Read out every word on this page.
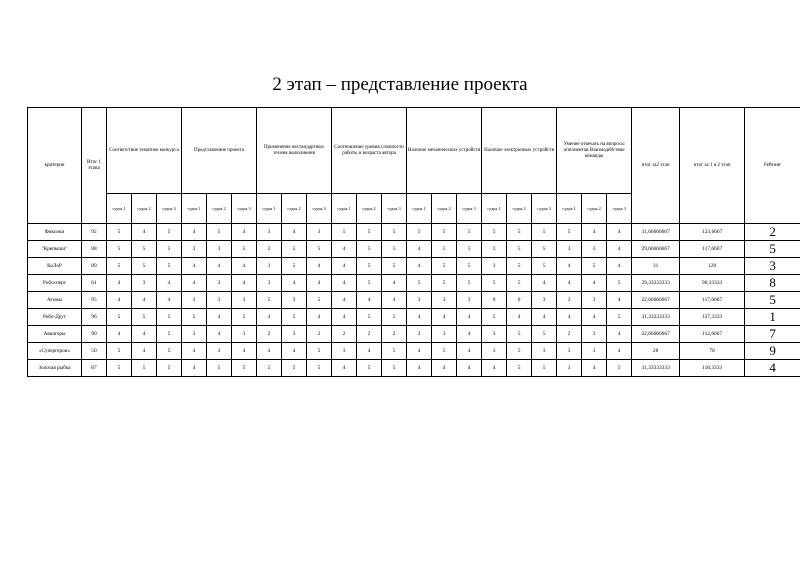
2 этап – представление проекта
критерии	Итог 1 этапа	Соответствие тематике конкурса			Представление проекта			Применение нестандартных техник выполнения			Соотношение уровня сложности работы и возраста автора			Наличие механических устройств			Наличие электронных устройств			Умение отвечать на вопросы оппонентов Взаимодействие команды			итог за2 этап	итог за 1 и 2 этап	Рейтинг
		судья 1	судья 2	судья 3	судья 1	судья 2	судья 3	судья 1	судья 2	судья 3	судья 1	судья 2	судья 3	судья 1	судья 2	судья 3	судья 1	судья 2	судья 3	судья 1	судья 2	судья 3			
Фиксики	92	5	4	5	4	5	4	3	4	3	5	5	5	5	5	5	5	5	5	5	4	4	31,66666667	123,6667	2
"Крепыши"	88	5	5	5	3	3	5	2	5	5	4	5	5	4	5	5	3	5	5	3	3	4	29,66666667	117,6667	5
КоЛоР	89	5	5	5	4	4	4	3	5	4	4	5	5	4	5	5	3	5	5	4	5	4	31	120	3
Робосперт	61	4	3	4	4	3	4	3	4	4	4	5	4	5	5	5	5	5	4	4	4	5	29,33333333	90,33333	8
Атомы	95	4	4	4	3	3	3	5	3	5	4	4	4	3	3	3	0	0	3	3	3	4	22,66666667	117,6667	5
Робо-Друг	96	5	5	5	5	4	5	4	5	4	4	5	5	4	4	4	5	4	4	4	4	5	31,33333333	127,3333	1
Авиаторы	90	4	4	5	3	4	3	2	3	2	2	2	2	3	3	4	3	5	5	2	3	4	22,66666667	112,6667	7
«Супергерои»	50	5	4	5	4	3	4	4	4	5	3	4	5	4	5	4	3	5	3	3	3	4	28	78	9
Золотая рыбка	87	5	5	5	4	5	5	5	5	5	4	5	5	4	4	4	4	5	5	3	4	5	31,33333333	118,3333	4
